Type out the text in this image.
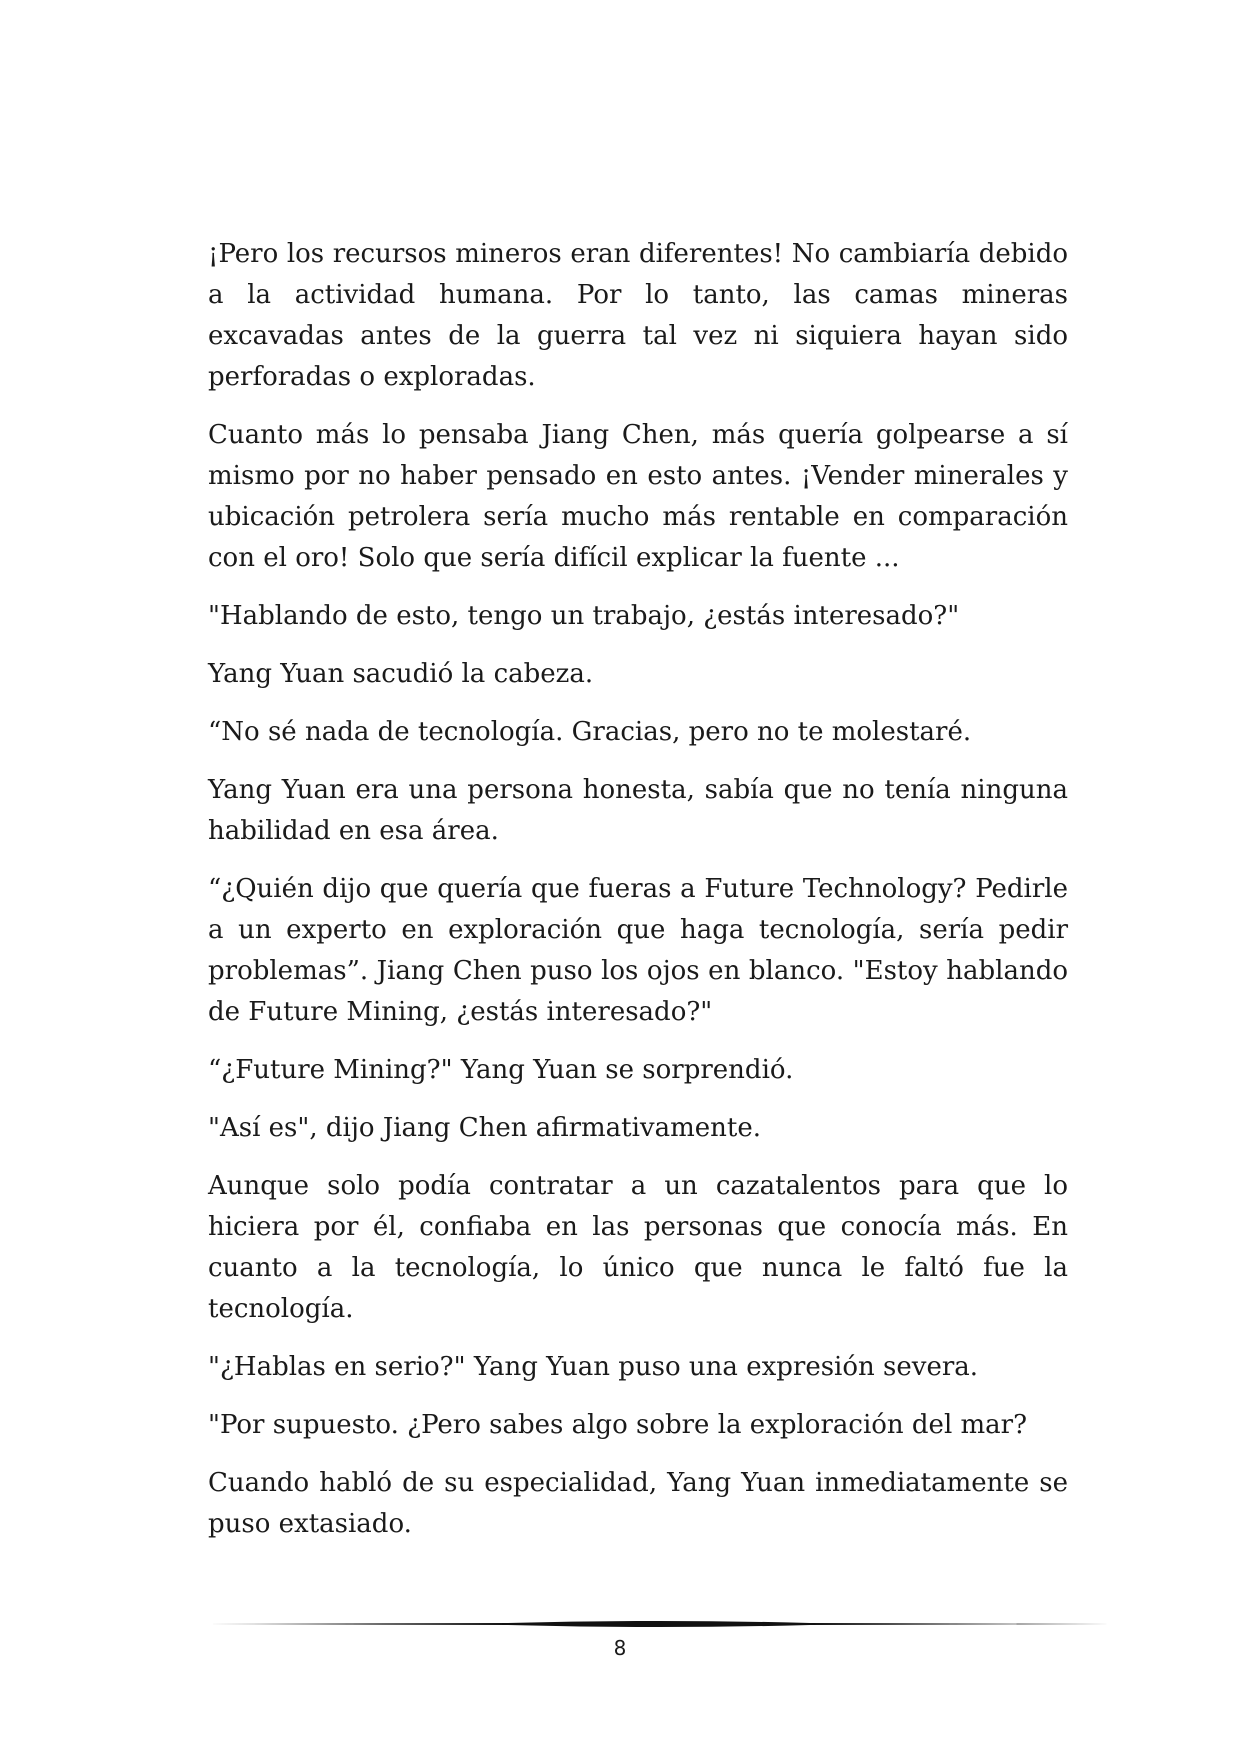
¡Pero los recursos mineros eran diferentes! No cambiaría debido a la actividad humana. Por lo tanto, las camas mineras excavadas antes de la guerra tal vez ni siquiera hayan sido perforadas o exploradas.

Cuanto más lo pensaba Jiang Chen, más quería golpearse a sí mismo por no haber pensado en esto antes. ¡Vender minerales y ubicación petrolera sería mucho más rentable en comparación con el oro! Solo que sería difícil explicar la fuente ...

"Hablando de esto, tengo un trabajo, ¿estás interesado?"

Yang Yuan sacudió la cabeza.

“No sé nada de tecnología. Gracias, pero no te molestaré.

Yang Yuan era una persona honesta, sabía que no tenía ninguna habilidad en esa área.

“¿Quién dijo que quería que fueras a Future Technology? Pedirle a un experto en exploración que haga tecnología, sería pedir problemas”. Jiang Chen puso los ojos en blanco. "Estoy hablando de Future Mining, ¿estás interesado?"

“¿Future Mining?" Yang Yuan se sorprendió.

"Así es", dijo Jiang Chen afirmativamente.

Aunque solo podía contratar a un cazatalentos para que lo hiciera por él, confiaba en las personas que conocía más. En cuanto a la tecnología, lo único que nunca le faltó fue la tecnología.

"¿Hablas en serio?" Yang Yuan puso una expresión severa.

"Por supuesto. ¿Pero sabes algo sobre la exploración del mar?

Cuando habló de su especialidad, Yang Yuan inmediatamente se puso extasiado.

8
